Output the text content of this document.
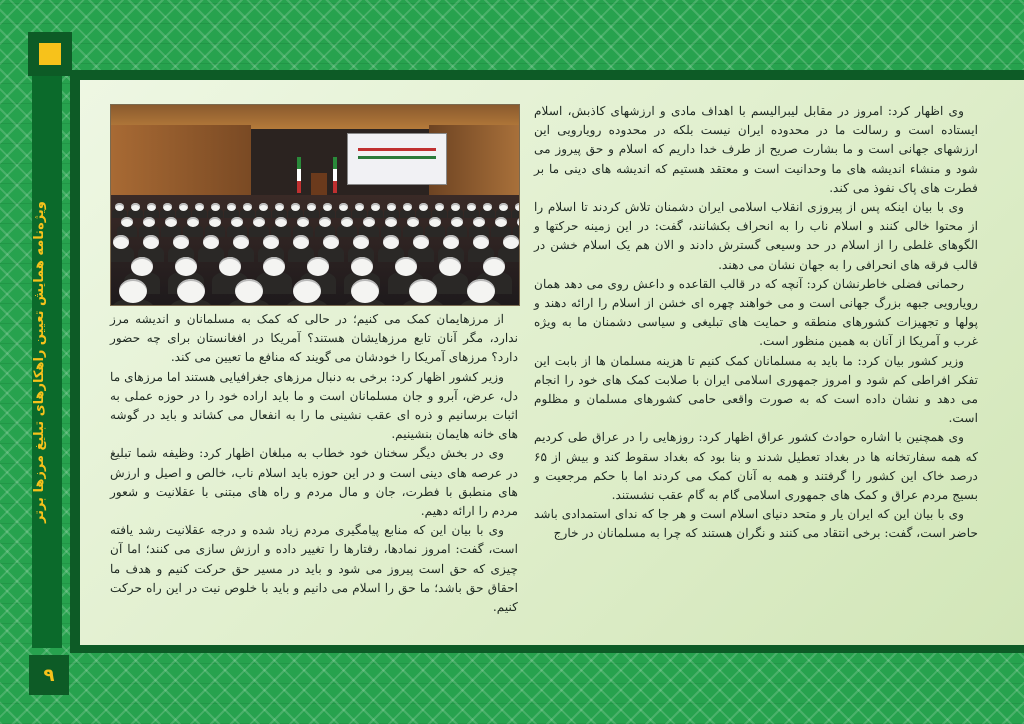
ویژه‌نامه همایش تعیین راهکارهای تبلیغ مرزها برتر
۹

وی اظهار کرد: امروز در مقابل لیبرالیسم با اهداف مادی و ارزشهای کاذبش، اسلام ایستاده است و رسالت ما در محدوده ایران نیست بلکه در محدوده رویارویی این ارزشهای جهانی است و ما بشارت صریح از طرف خدا داریم که اسلام و حق پیروز می شود و منشاء اندیشه های ما وحدانیت است و معتقد هستیم که اندیشه های دینی ما بر فطرت های پاک نفوذ می کند.

وی با بیان اینکه پس از پیروزی انقلاب اسلامی ایران دشمنان تلاش کردند تا اسلام را از محتوا خالی کنند و اسلام ناب را به انحراف بکشانند، گفت: در این زمینه حرکتها و الگوهای غلطی را از اسلام در حد وسیعی گسترش دادند و الان هم یک اسلام خشن در قالب فرقه های انحرافی را به جهان نشان می دهند.

رحمانی فضلی خاطرنشان کرد: آنچه که در قالب القاعده و داعش روی می دهد همان رویارویی جبهه بزرگ جهانی است و می خواهند چهره ای خشن از اسلام را ارائه دهند و پولها و تجهیزات کشورهای منطقه و حمایت های تبلیغی و سیاسی دشمنان ما به ویژه غرب و آمریکا از آنان به همین منظور است.

وزیر کشور بیان کرد: ما باید به مسلمانان کمک کنیم تا هزینه مسلمان ها از بابت این تفکر افراطی کم شود و امروز جمهوری اسلامی ایران با صلابت کمک های خود را انجام می دهد و نشان داده است که به صورت واقعی حامی کشورهای مسلمان و مظلوم است.

وی همچنین با اشاره حوادث کشور عراق اظهار کرد: روزهایی را در عراق طی کردیم که همه سفارتخانه ها در بغداد تعطیل شدند و بنا بود که بغداد سقوط کند و بیش از ۶۵ درصد خاک این کشور را گرفتند و همه به آنان کمک می کردند اما با حکم مرجعیت و بسیج مردم عراق و کمک های جمهوری اسلامی گام به گام عقب نشستند.

وی با بیان این که ایران یار و متحد دنیای اسلام است و هر جا که ندای استمدادی باشد حاضر است، گفت: برخی انتقاد می کنند و نگران هستند که چرا به مسلمانان در خارج

از مرزهایمان کمک می کنیم؛ در حالی که کمک به مسلمانان و اندیشه مرز ندارد، مگر آنان تابع مرزهایشان هستند؟ آمریکا در افغانستان برای چه حضور دارد؟ مرزهای آمریکا را خودشان می گویند که منافع ما تعیین می کند.

وزیر کشور اظهار کرد: برخی به دنبال مرزهای جغرافیایی هستند اما مرزهای ما دل، عرض، آبرو و جان مسلمانان است و ما باید اراده خود را در حوزه عملی به اثبات برسانیم و ذره ای عقب نشینی ما را به انفعال می کشاند و باید در گوشه های خانه هایمان بنشینیم.

وی در بخش دیگر سخنان خود خطاب به مبلغان اظهار کرد: وظیفه شما تبلیغ در عرصه های دینی است و در این حوزه باید اسلام ناب، خالص و اصیل و ارزش های منطبق با فطرت، جان و مال مردم و راه های مبتنی با عقلانیت و شعور مردم را ارائه دهیم.

وی با بیان این که منابع پیامگیری مردم زیاد شده و درجه عقلانیت رشد یافته است، گفت: امروز نمادها، رفتارها را تغییر داده و ارزش سازی می کنند؛ اما آن چیزی که حق است پیروز می شود و باید در مسیر حق حرکت کنیم و هدف ما احقاق حق باشد؛ ما حق را اسلام می دانیم و باید با خلوص نیت در این راه حرکت کنیم.
